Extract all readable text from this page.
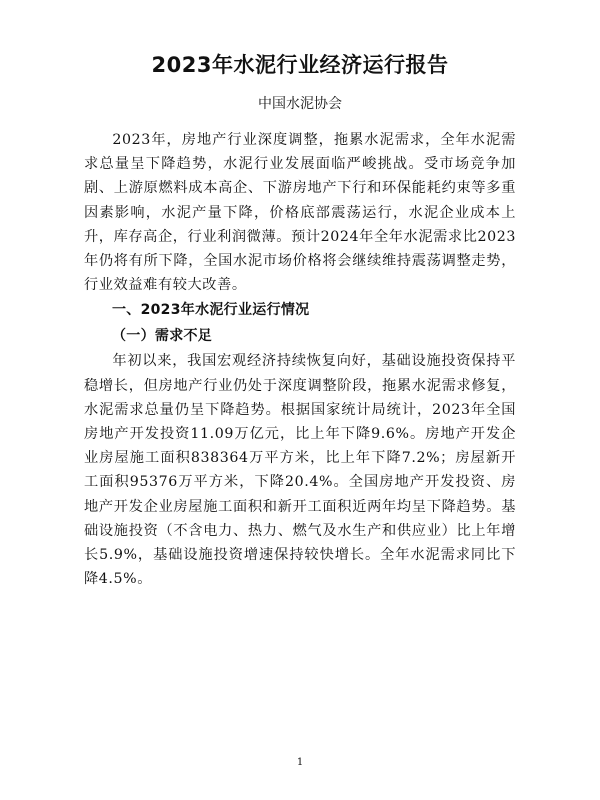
2023年水泥行业经济运行报告
中国水泥协会

2023年，房地产行业深度调整，拖累水泥需求，全年水泥需求总量呈下降趋势，水泥行业发展面临严峻挑战。受市场竞争加剧、上游原燃料成本高企、下游房地产下行和环保能耗约束等多重因素影响，水泥产量下降，价格底部震荡运行，水泥企业成本上升，库存高企，行业利润微薄。预计2024年全年水泥需求比2023年仍将有所下降，全国水泥市场价格将会继续维持震荡调整走势，行业效益难有较大改善。

一、2023年水泥行业运行情况

（一）需求不足

年初以来，我国宏观经济持续恢复向好，基础设施投资保持平稳增长，但房地产行业仍处于深度调整阶段，拖累水泥需求修复，水泥需求总量仍呈下降趋势。根据国家统计局统计，2023年全国房地产开发投资11.09万亿元，比上年下降9.6%。房地产开发企业房屋施工面积838364万平方米，比上年下降7.2%；房屋新开工面积95376万平方米，下降20.4%。全国房地产开发投资、房地产开发企业房屋施工面积和新开工面积近两年均呈下降趋势。基础设施投资（不含电力、热力、燃气及水生产和供应业）比上年增长5.9%，基础设施投资增速保持较快增长。全年水泥需求同比下降4.5%。

1
